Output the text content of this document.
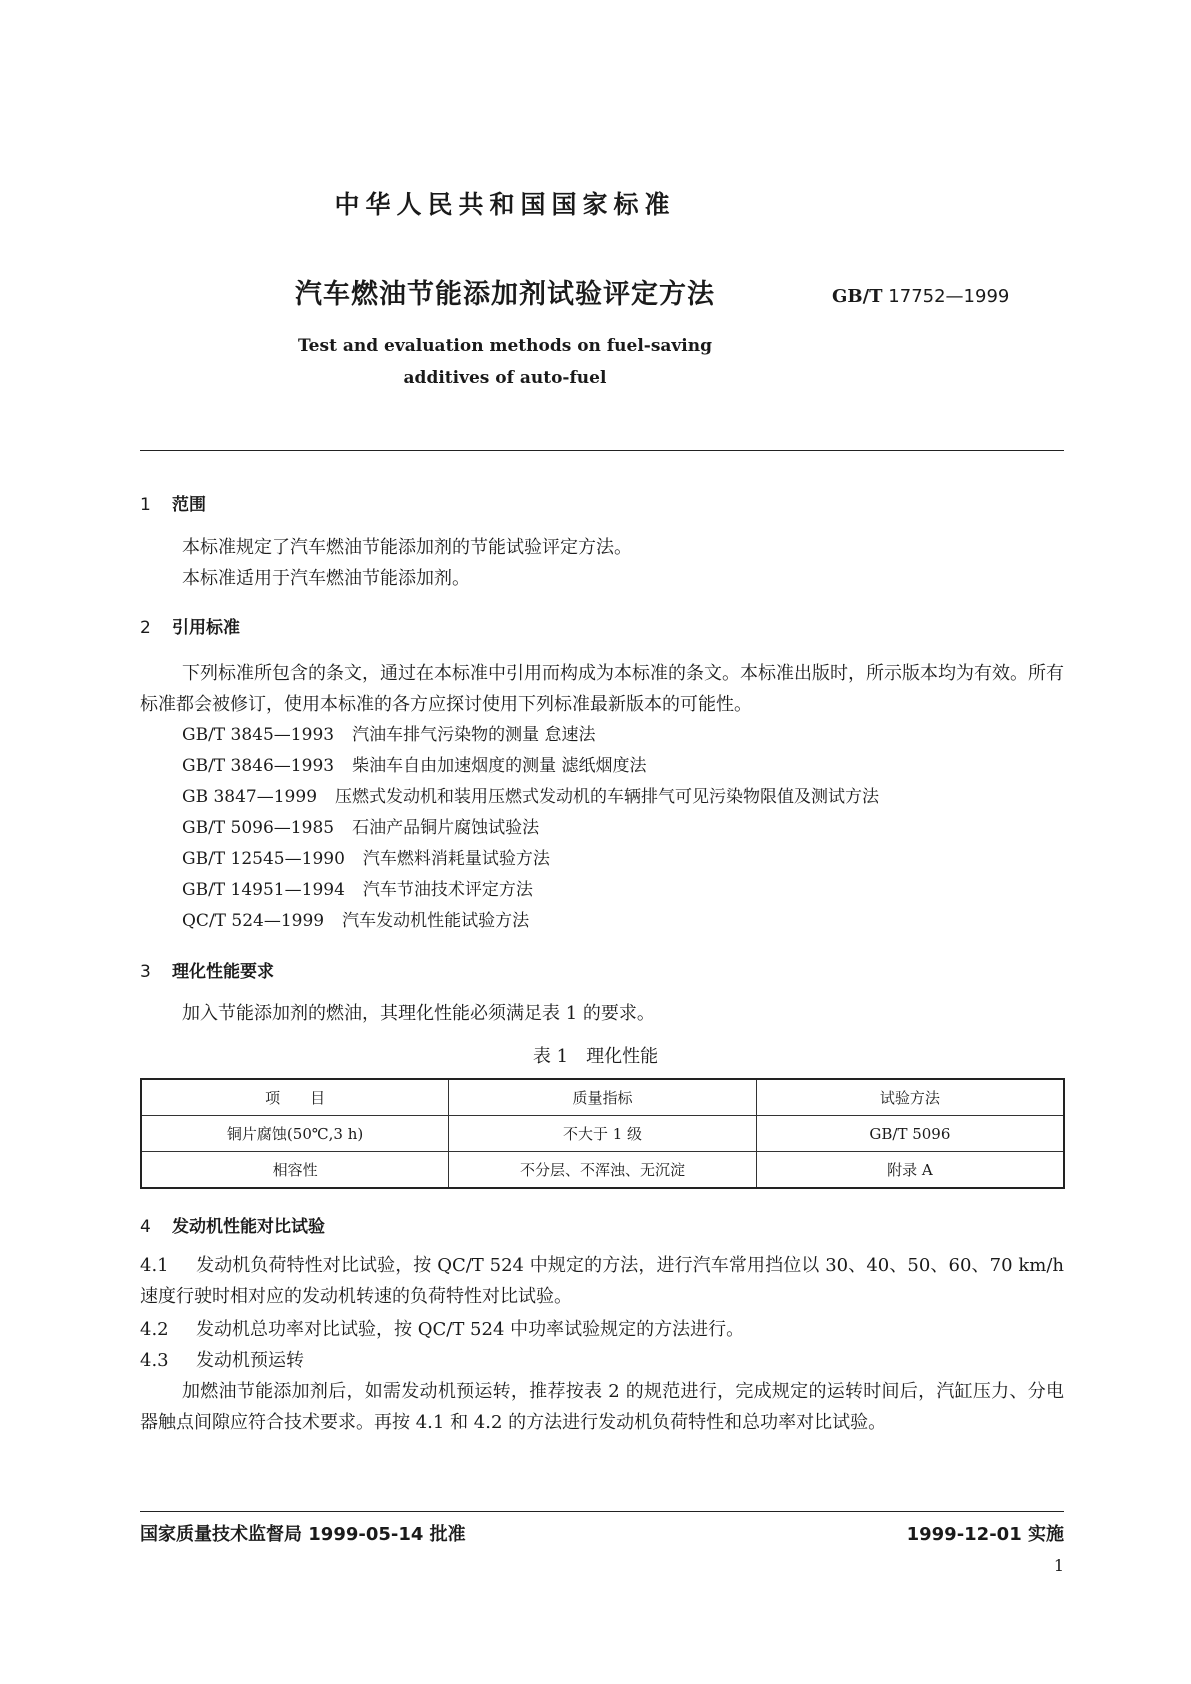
中华人民共和国国家标准
汽车燃油节能添加剂试验评定方法	GB/T 17752—1999
Test and evaluation methods on fuel-saving
additives of auto-fuel
1 范围
本标准规定了汽车燃油节能添加剂的节能试验评定方法。
本标准适用于汽车燃油节能添加剂。
2 引用标准
下列标准所包含的条文，通过在本标准中引用而构成为本标准的条文。本标准出版时，所示版本均为有效。所有标准都会被修订，使用本标准的各方应探讨使用下列标准最新版本的可能性。
GB/T 3845—1993 汽油车排气污染物的测量 怠速法
GB/T 3846—1993 柴油车自由加速烟度的测量 滤纸烟度法
GB 3847—1999 压燃式发动机和装用压燃式发动机的车辆排气可见污染物限值及测试方法
GB/T 5096—1985 石油产品铜片腐蚀试验法
GB/T 12545—1990 汽车燃料消耗量试验方法
GB/T 14951—1994 汽车节油技术评定方法
QC/T 524—1999 汽车发动机性能试验方法
3 理化性能要求
加入节能添加剂的燃油，其理化性能必须满足表 1 的要求。
表 1 理化性能
项　　目	质量指标	试验方法
铜片腐蚀(50℃,3 h)	不大于 1 级	GB/T 5096
相容性	不分层、不浑浊、无沉淀	附录 A
4 发动机性能对比试验
4.1 发动机负荷特性对比试验，按 QC/T 524 中规定的方法，进行汽车常用挡位以 30、40、50、60、70 km/h速度行驶时相对应的发动机转速的负荷特性对比试验。
4.2 发动机总功率对比试验，按 QC/T 524 中功率试验规定的方法进行。
4.3 发动机预运转
加燃油节能添加剂后，如需发动机预运转，推荐按表 2 的规范进行，完成规定的运转时间后，汽缸压力、分电器触点间隙应符合技术要求。再按 4.1 和 4.2 的方法进行发动机负荷特性和总功率对比试验。
国家质量技术监督局 1999-05-14 批准	1999-12-01 实施
1
